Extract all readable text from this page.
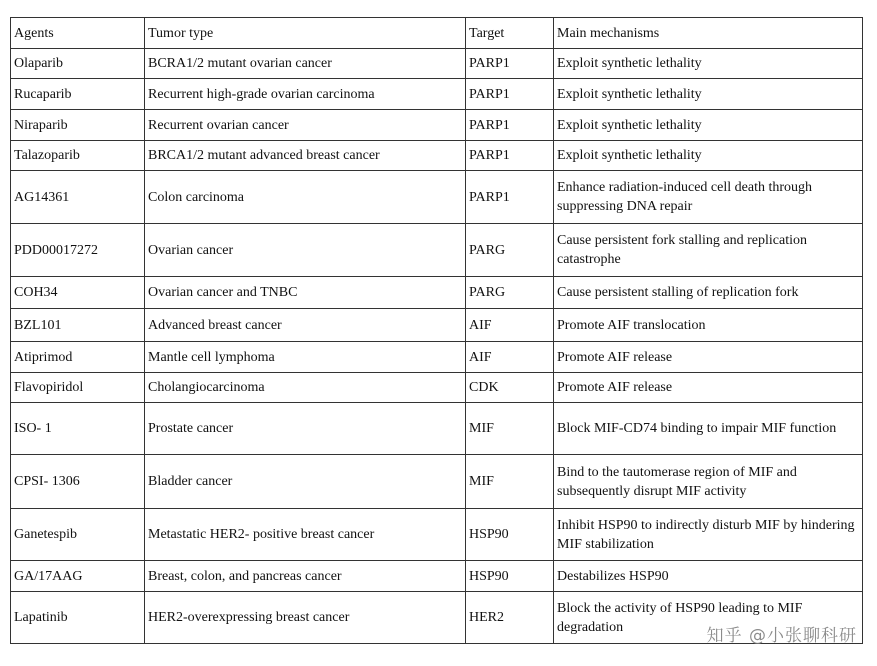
Agents	Tumor type	Target	Main mechanisms
Olaparib	BCRA1/2 mutant ovarian cancer	PARP1	Exploit synthetic lethality
Rucaparib	Recurrent high-grade ovarian carcinoma	PARP1	Exploit synthetic lethality
Niraparib	Recurrent ovarian cancer	PARP1	Exploit synthetic lethality
Talazoparib	BRCA1/2 mutant advanced breast cancer	PARP1	Exploit synthetic lethality
AG14361	Colon carcinoma	PARP1	Enhance radiation-induced cell death through suppressing DNA repair
PDD00017272	Ovarian cancer	PARG	Cause persistent fork stalling and replication catastrophe
COH34	Ovarian cancer and TNBC	PARG	Cause persistent stalling of replication fork
BZL101	Advanced breast cancer	AIF	Promote AIF translocation
Atiprimod	Mantle cell lymphoma	AIF	Promote AIF release
Flavopiridol	Cholangiocarcinoma	CDK	Promote AIF release
ISO- 1	Prostate cancer	MIF	Block MIF-CD74 binding to impair MIF function
CPSI- 1306	Bladder cancer	MIF	Bind to the tautomerase region of MIF and subsequently disrupt MIF activity
Ganetespib	Metastatic HER2- positive breast cancer	HSP90	Inhibit HSP90 to indirectly disturb MIF by hindering MIF stabilization
GA/17AAG	Breast, colon, and pancreas cancer	HSP90	Destabilizes HSP90
Lapatinib	HER2-overexpressing breast cancer	HER2	Block the activity of HSP90 leading to MIF degradation	知乎 @小张聊科研
